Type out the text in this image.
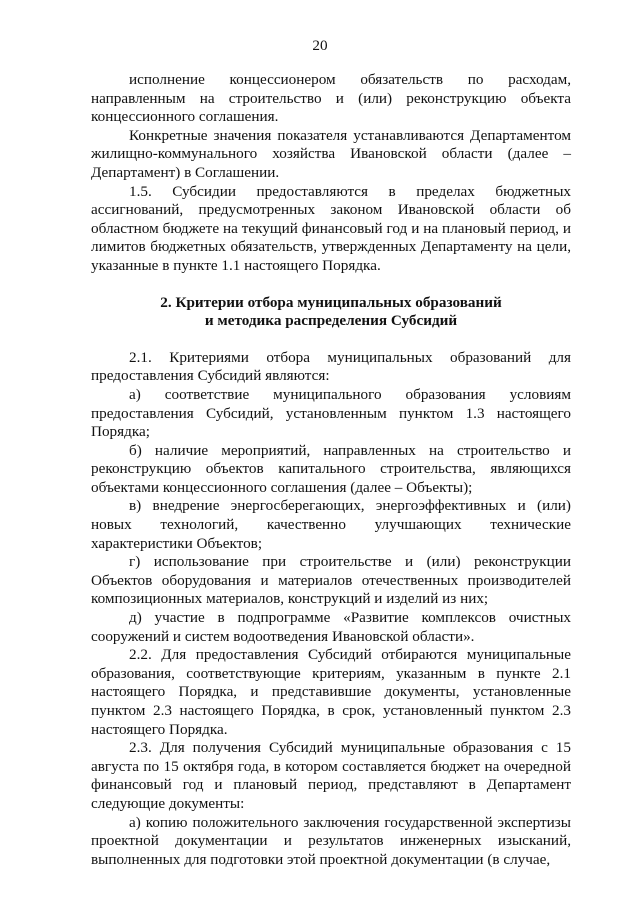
20

исполнение концессионером обязательств по расходам, направленным на строительство и (или) реконструкцию объекта концессионного соглашения.

Конкретные значения показателя устанавливаются Департаментом жилищно-коммунального хозяйства Ивановской области (далее – Департамент) в Соглашении.

1.5. Субсидии предоставляются в пределах бюджетных ассигнований, предусмотренных законом Ивановской области об областном бюджете на текущий финансовый год и на плановый период, и лимитов бюджетных обязательств, утвержденных Департаменту на цели, указанные в пункте 1.1 настоящего Порядка.

2. Критерии отбора муниципальных образований
и методика распределения Субсидий

2.1. Критериями отбора муниципальных образований для предоставления Субсидий являются:

а) соответствие муниципального образования условиям предоставления Субсидий, установленным пунктом 1.3 настоящего Порядка;

б) наличие мероприятий, направленных на строительство и реконструкцию объектов капитального строительства, являющихся объектами концессионного соглашения (далее – Объекты);

в) внедрение энергосберегающих, энергоэффективных и (или) новых технологий, качественно улучшающих технические характеристики Объектов;

г) использование при строительстве и (или) реконструкции Объектов оборудования и материалов отечественных производителей композиционных материалов, конструкций и изделий из них;

д) участие в подпрограмме «Развитие комплексов очистных сооружений и систем водоотведения Ивановской области».

2.2. Для предоставления Субсидий отбираются муниципальные образования, соответствующие критериям, указанным в пункте 2.1 настоящего Порядка, и представившие документы, установленные пунктом 2.3 настоящего Порядка, в срок, установленный пунктом 2.3 настоящего Порядка.

2.3. Для получения Субсидий муниципальные образования с 15 августа по 15 октября года, в котором составляется бюджет на очередной финансовый год и плановый период, представляют в Департамент следующие документы:

а) копию положительного заключения государственной экспертизы проектной документации и результатов инженерных изысканий, выполненных для подготовки этой проектной документации (в случае,
